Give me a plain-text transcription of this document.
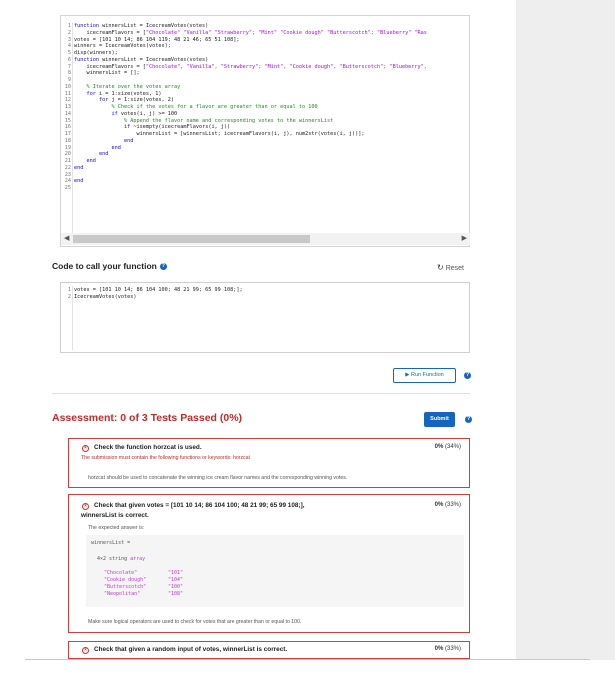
1 function winnersList = IcecreamVotes(votes)
2 icecreamFlavors = ["Chocolate" "Vanilla" "Strawberry"; "Mint" "Cookie dough" "Butterscotch"; "Blueberry" "Ras
3 votes = [101 10 14; 86 104 119; 48 21 46; 65 51 108];
4 winners = IcecreamVotes(votes);
5 disp(winners);
6 function winnersList = IcecreamVotes(votes)
7 icecreamFlavors = ["Chocolate", "Vanilla", "Strawberry"; "Mint", "Cookie dough", "Butterscotch"; "Blueberry",
8 winnersList = [];
9
10 % Iterate over the votes array
11	for i = 1:size(votes, 1)
12	for j = 1:size(votes, 2)
13 % Check if the votes for a flavor are greater than or equal to 100
14	if votes(i, j) >= 100
15 % Append the flavor name and corresponding votes to the winnersList
16	if ~isempty(icecreamFlavors(i, j))
17 winnersList = [winnersList; icecreamFlavors(i, j), num2str(votes(i, j))];
18	end
19	end
20	end
21	end
22 end
23
24 end
25
◀	▶
Code to call your function ?	↻ Reset
1 votes = [101 10 14; 86 104 100; 48 21 99; 65 99 108;];
2 IcecreamVotes(votes)
▶ Run Function	?
Assessment: 0 of 3 Tests Passed (0%)	Submit	?
×	Check the function horzcat is used.	0% (34%)
The submission must contain the following functions or keywords: horzcat
horzcat should be used to concatenate the winning ice cream flavor names and the corresponding winning votes.
×	Check that given votes = [101 10 14; 86 104 100; 48 21 99; 65 99 108;],
winnersList is correct.
0% (33%)
The expected answer is:
winnersList =
4×2 string array
"Chocolate"	"101"
"Cookie dough"	"104"
"Butterscotch"	"100"
"Neopolitan"	"108"
Make sure logical operators are used to check for votes that are greater than or equal to 100.
×	Check that given a random input of votes, winnerList is correct.	0% (33%)
